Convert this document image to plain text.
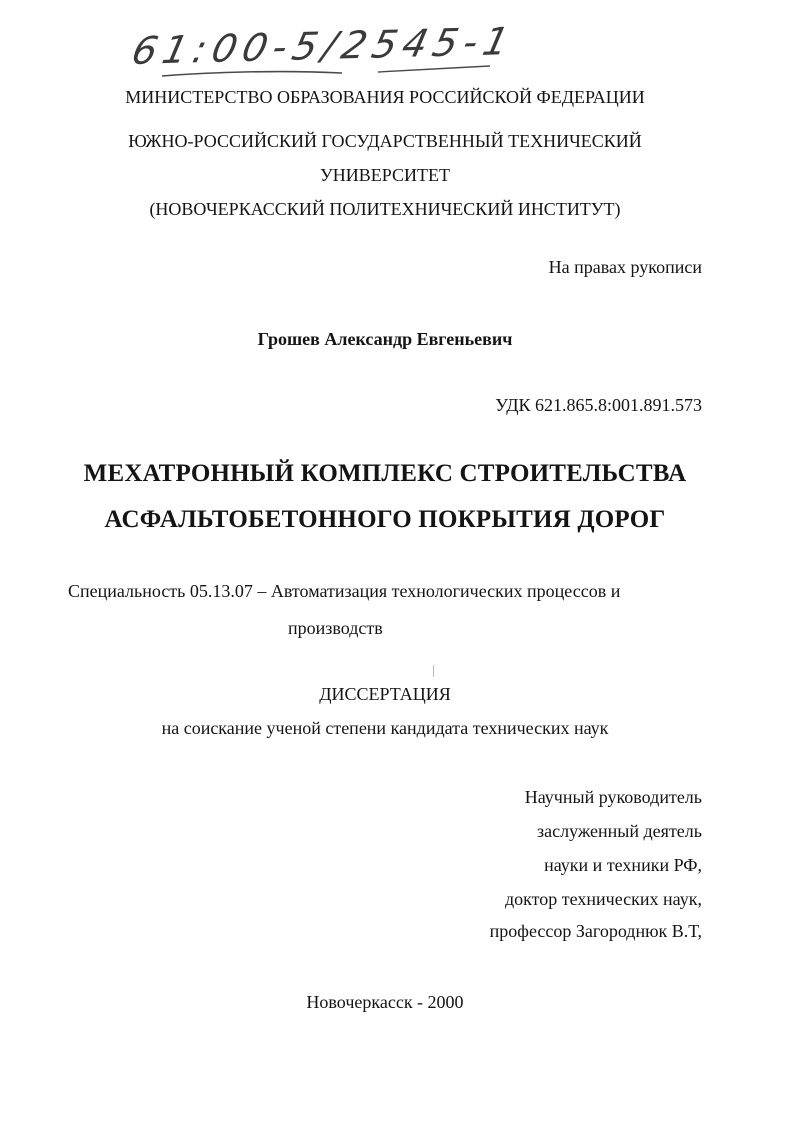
61:00-5/2545-1
МИНИСТЕРСТВО ОБРАЗОВАНИЯ РОССИЙСКОЙ ФЕДЕРАЦИИ
ЮЖНО-РОССИЙСКИЙ ГОСУДАРСТВЕННЫЙ ТЕХНИЧЕСКИЙ
УНИВЕРСИТЕТ
(НОВОЧЕРКАССКИЙ ПОЛИТЕХНИЧЕСКИЙ ИНСТИТУТ)
На правах рукописи
Грошев Александр Евгеньевич
УДК 621.865.8:001.891.573
МЕХАТРОННЫЙ КОМПЛЕКС СТРОИТЕЛЬСТВА
АСФАЛЬТОБЕТОННОГО ПОКРЫТИЯ ДОРОГ
Специальность 05.13.07 – Автоматизация технологических процессов и
производств
ДИССЕРТАЦИЯ
на соискание ученой степени кандидата технических наук
Научный руководитель
заслуженный деятель
науки и техники РФ,
доктор технических наук,
профессор Загороднюк В.Т,
Новочеркасск - 2000
